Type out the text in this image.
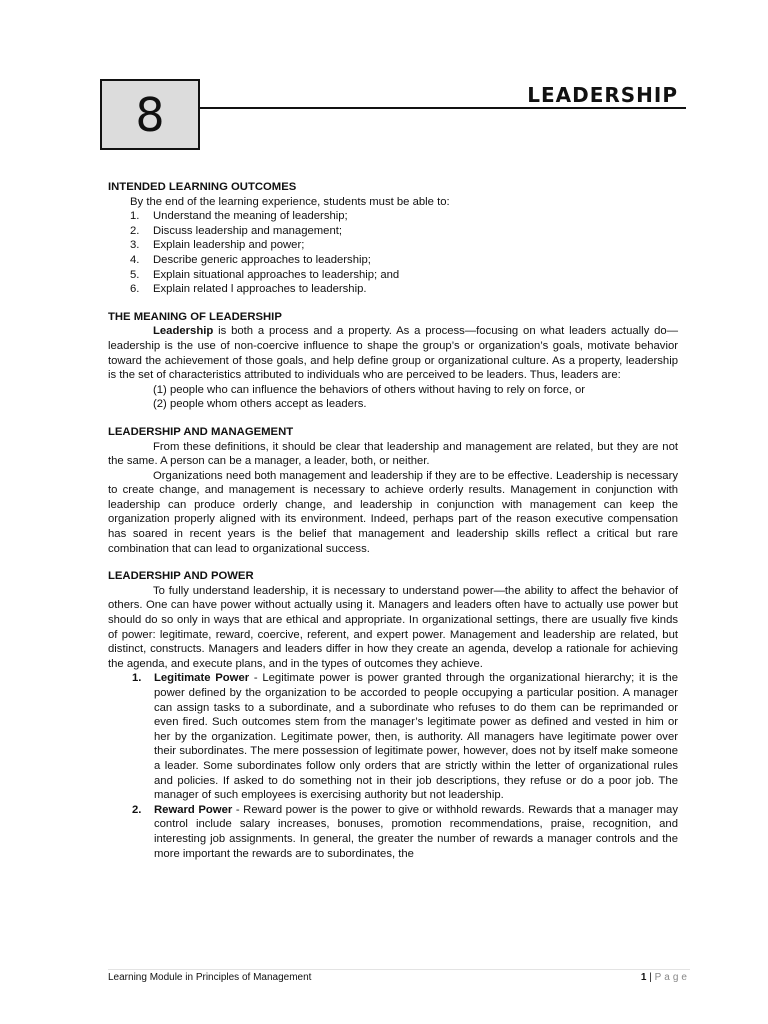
8	LEADERSHIP
INTENDED LEARNING OUTCOMES
By the end of the learning experience, students must be able to:
1.	Understand the meaning of leadership;
2.	Discuss leadership and management;
3.	Explain leadership and power;
4.	Describe generic approaches to leadership;
5.	Explain situational approaches to leadership; and
6.	Explain related l approaches to leadership.
THE MEANING OF LEADERSHIP

Leadership is both a process and a property. As a process—focusing on what leaders actually do—leadership is the use of non-coercive influence to shape the group’s or organization’s goals, motivate behavior toward the achievement of those goals, and help define group or organizational culture. As a property, leadership is the set of characteristics attributed to individuals who are perceived to be leaders. Thus, leaders are:

(1) people who can influence the behaviors of others without having to rely on force, or
(2) people whom others accept as leaders.
LEADERSHIP AND MANAGEMENT

From these definitions, it should be clear that leadership and management are related, but they are not the same. A person can be a manager, a leader, both, or neither.

Organizations need both management and leadership if they are to be effective. Leadership is necessary to create change, and management is necessary to achieve orderly results. Management in conjunction with leadership can produce orderly change, and leadership in conjunction with management can keep the organization properly aligned with its environment. Indeed, perhaps part of the reason executive compensation has soared in recent years is the belief that management and leadership skills reflect a critical but rare combination that can lead to organizational success.

LEADERSHIP AND POWER

To fully understand leadership, it is necessary to understand power—the ability to affect the behavior of others. One can have power without actually using it. Managers and leaders often have to actually use power but should do so only in ways that are ethical and appropriate. In organizational settings, there are usually five kinds of power: legitimate, reward, coercive, referent, and expert power. Management and leadership are related, but distinct, constructs. Managers and leaders differ in how they create an agenda, develop a rationale for achieving the agenda, and execute plans, and in the types of outcomes they achieve.

1.	Legitimate Power - Legitimate power is power granted through the organizational hierarchy; it is the power defined by the organization to be accorded to people occupying a particular position. A manager can assign tasks to a subordinate, and a subordinate who refuses to do them can be reprimanded or even fired. Such outcomes stem from the manager’s legitimate power as defined and vested in him or her by the organization. Legitimate power, then, is authority. All managers have legitimate power over their subordinates. The mere possession of legitimate power, however, does not by itself make someone a leader. Some subordinates follow only orders that are strictly within the letter of organizational rules and policies. If asked to do something not in their job descriptions, they refuse or do a poor job. The manager of such employees is exercising authority but not leadership.
2.	Reward Power - Reward power is the power to give or withhold rewards. Rewards that a manager may control include salary increases, bonuses, promotion recommendations, praise, recognition, and interesting job assignments. In general, the greater the number of rewards a manager controls and the more important the rewards are to subordinates, the
Learning Module in Principles of Management	1 | Page
